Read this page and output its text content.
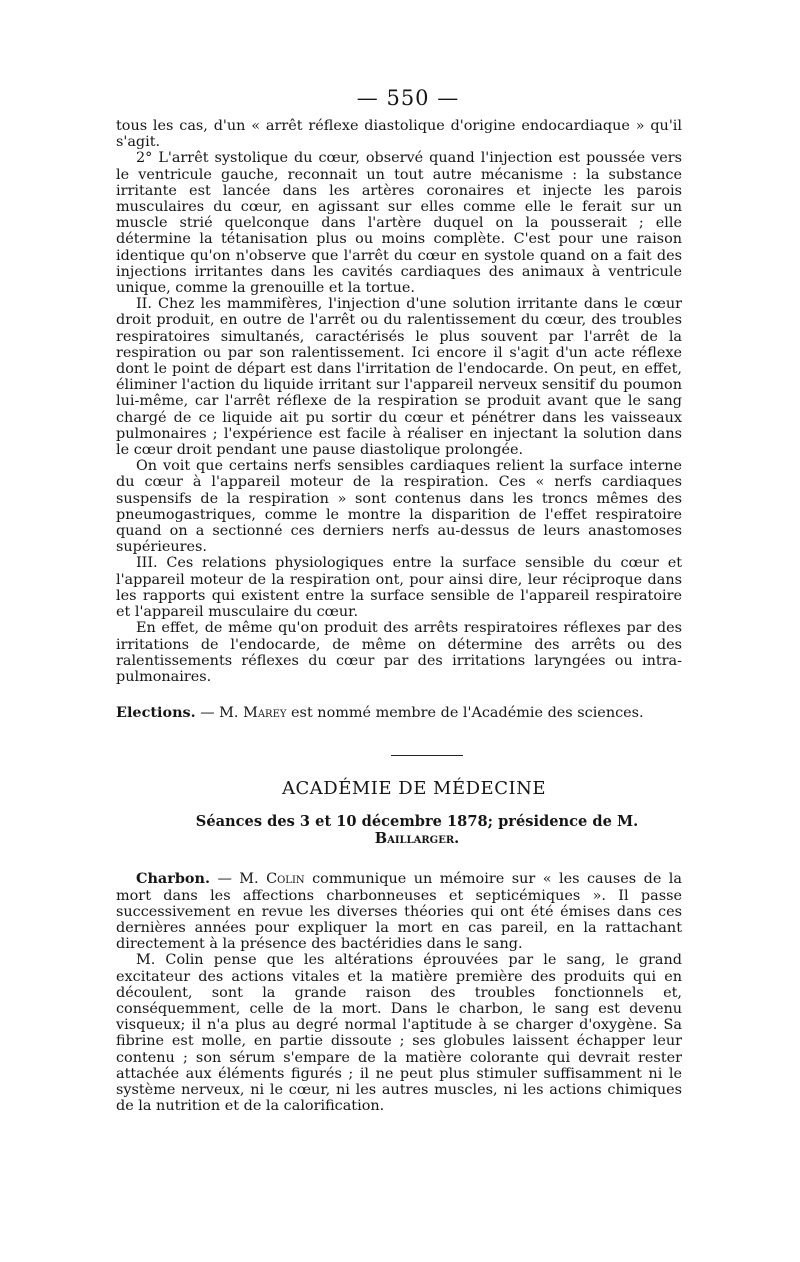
— 550 —

tous les cas, d'un « arrêt réflexe diastolique d'origine endocardiaque » qu'il s'agit.

2° L'arrêt systolique du cœur, observé quand l'injection est poussée vers le ventricule gauche, reconnait un tout autre mécanisme : la substance irritante est lancée dans les artères coronaires et injecte les parois musculaires du cœur, en agissant sur elles comme elle le ferait sur un muscle strié quelconque dans l'artère duquel on la pousserait ; elle détermine la tétanisation plus ou moins complète. C'est pour une raison identique qu'on n'observe que l'arrêt du cœur en systole quand on a fait des injections irritantes dans les cavités cardiaques des animaux à ventricule unique, comme la grenouille et la tortue.

II. Chez les mammifères, l'injection d'une solution irritante dans le cœur droit produit, en outre de l'arrêt ou du ralentissement du cœur, des troubles respiratoires simultanés, caractérisés le plus souvent par l'arrêt de la respiration ou par son ralentissement. Ici encore il s'agit d'un acte réflexe dont le point de départ est dans l'irritation de l'endocarde. On peut, en effet, éliminer l'action du liquide irritant sur l'appareil nerveux sensitif du poumon lui-même, car l'arrêt réflexe de la respiration se produit avant que le sang chargé de ce liquide ait pu sortir du cœur et pénétrer dans les vaisseaux pulmonaires ; l'expérience est facile à réaliser en injectant la solution dans le cœur droit pendant une pause diastolique prolongée.

On voit que certains nerfs sensibles cardiaques relient la surface interne du cœur à l'appareil moteur de la respiration. Ces « nerfs cardiaques suspensifs de la respiration » sont contenus dans les troncs mêmes des pneumogastriques, comme le montre la disparition de l'effet respiratoire quand on a sectionné ces derniers nerfs au-dessus de leurs anastomoses supérieures.

III. Ces relations physiologiques entre la surface sensible du cœur et l'appareil moteur de la respiration ont, pour ainsi dire, leur réciproque dans les rapports qui existent entre la surface sensible de l'appareil respiratoire et l'appareil musculaire du cœur.

En effet, de même qu'on produit des arrêts respiratoires réflexes par des irritations de l'endocarde, de même on détermine des arrêts ou des ralentissements réflexes du cœur par des irritations laryngées ou intra-pulmonaires.

Elections. — M. Marey est nommé membre de l'Académie des sciences.

ACADÉMIE DE MÉDECINE
Séances des 3 et 10 décembre 1878; présidence de M. Baillarger.

Charbon. — M. Colin communique un mémoire sur « les causes de la mort dans les affections charbonneuses et septicémiques ». Il passe successivement en revue les diverses théories qui ont été émises dans ces dernières années pour expliquer la mort en cas pareil, en la rattachant directement à la présence des bactéridies dans le sang.

M. Colin pense que les altérations éprouvées par le sang, le grand excitateur des actions vitales et la matière première des produits qui en découlent, sont la grande raison des troubles fonctionnels et, conséquemment, celle de la mort. Dans le charbon, le sang est devenu visqueux; il n'a plus au degré normal l'aptitude à se charger d'oxygène. Sa fibrine est molle, en partie dissoute ; ses globules laissent échapper leur contenu ; son sérum s'empare de la matière colorante qui devrait rester attachée aux éléments figurés ; il ne peut plus stimuler suffisamment ni le système nerveux, ni le cœur, ni les autres muscles, ni les actions chimiques de la nutrition et de la calorification.
